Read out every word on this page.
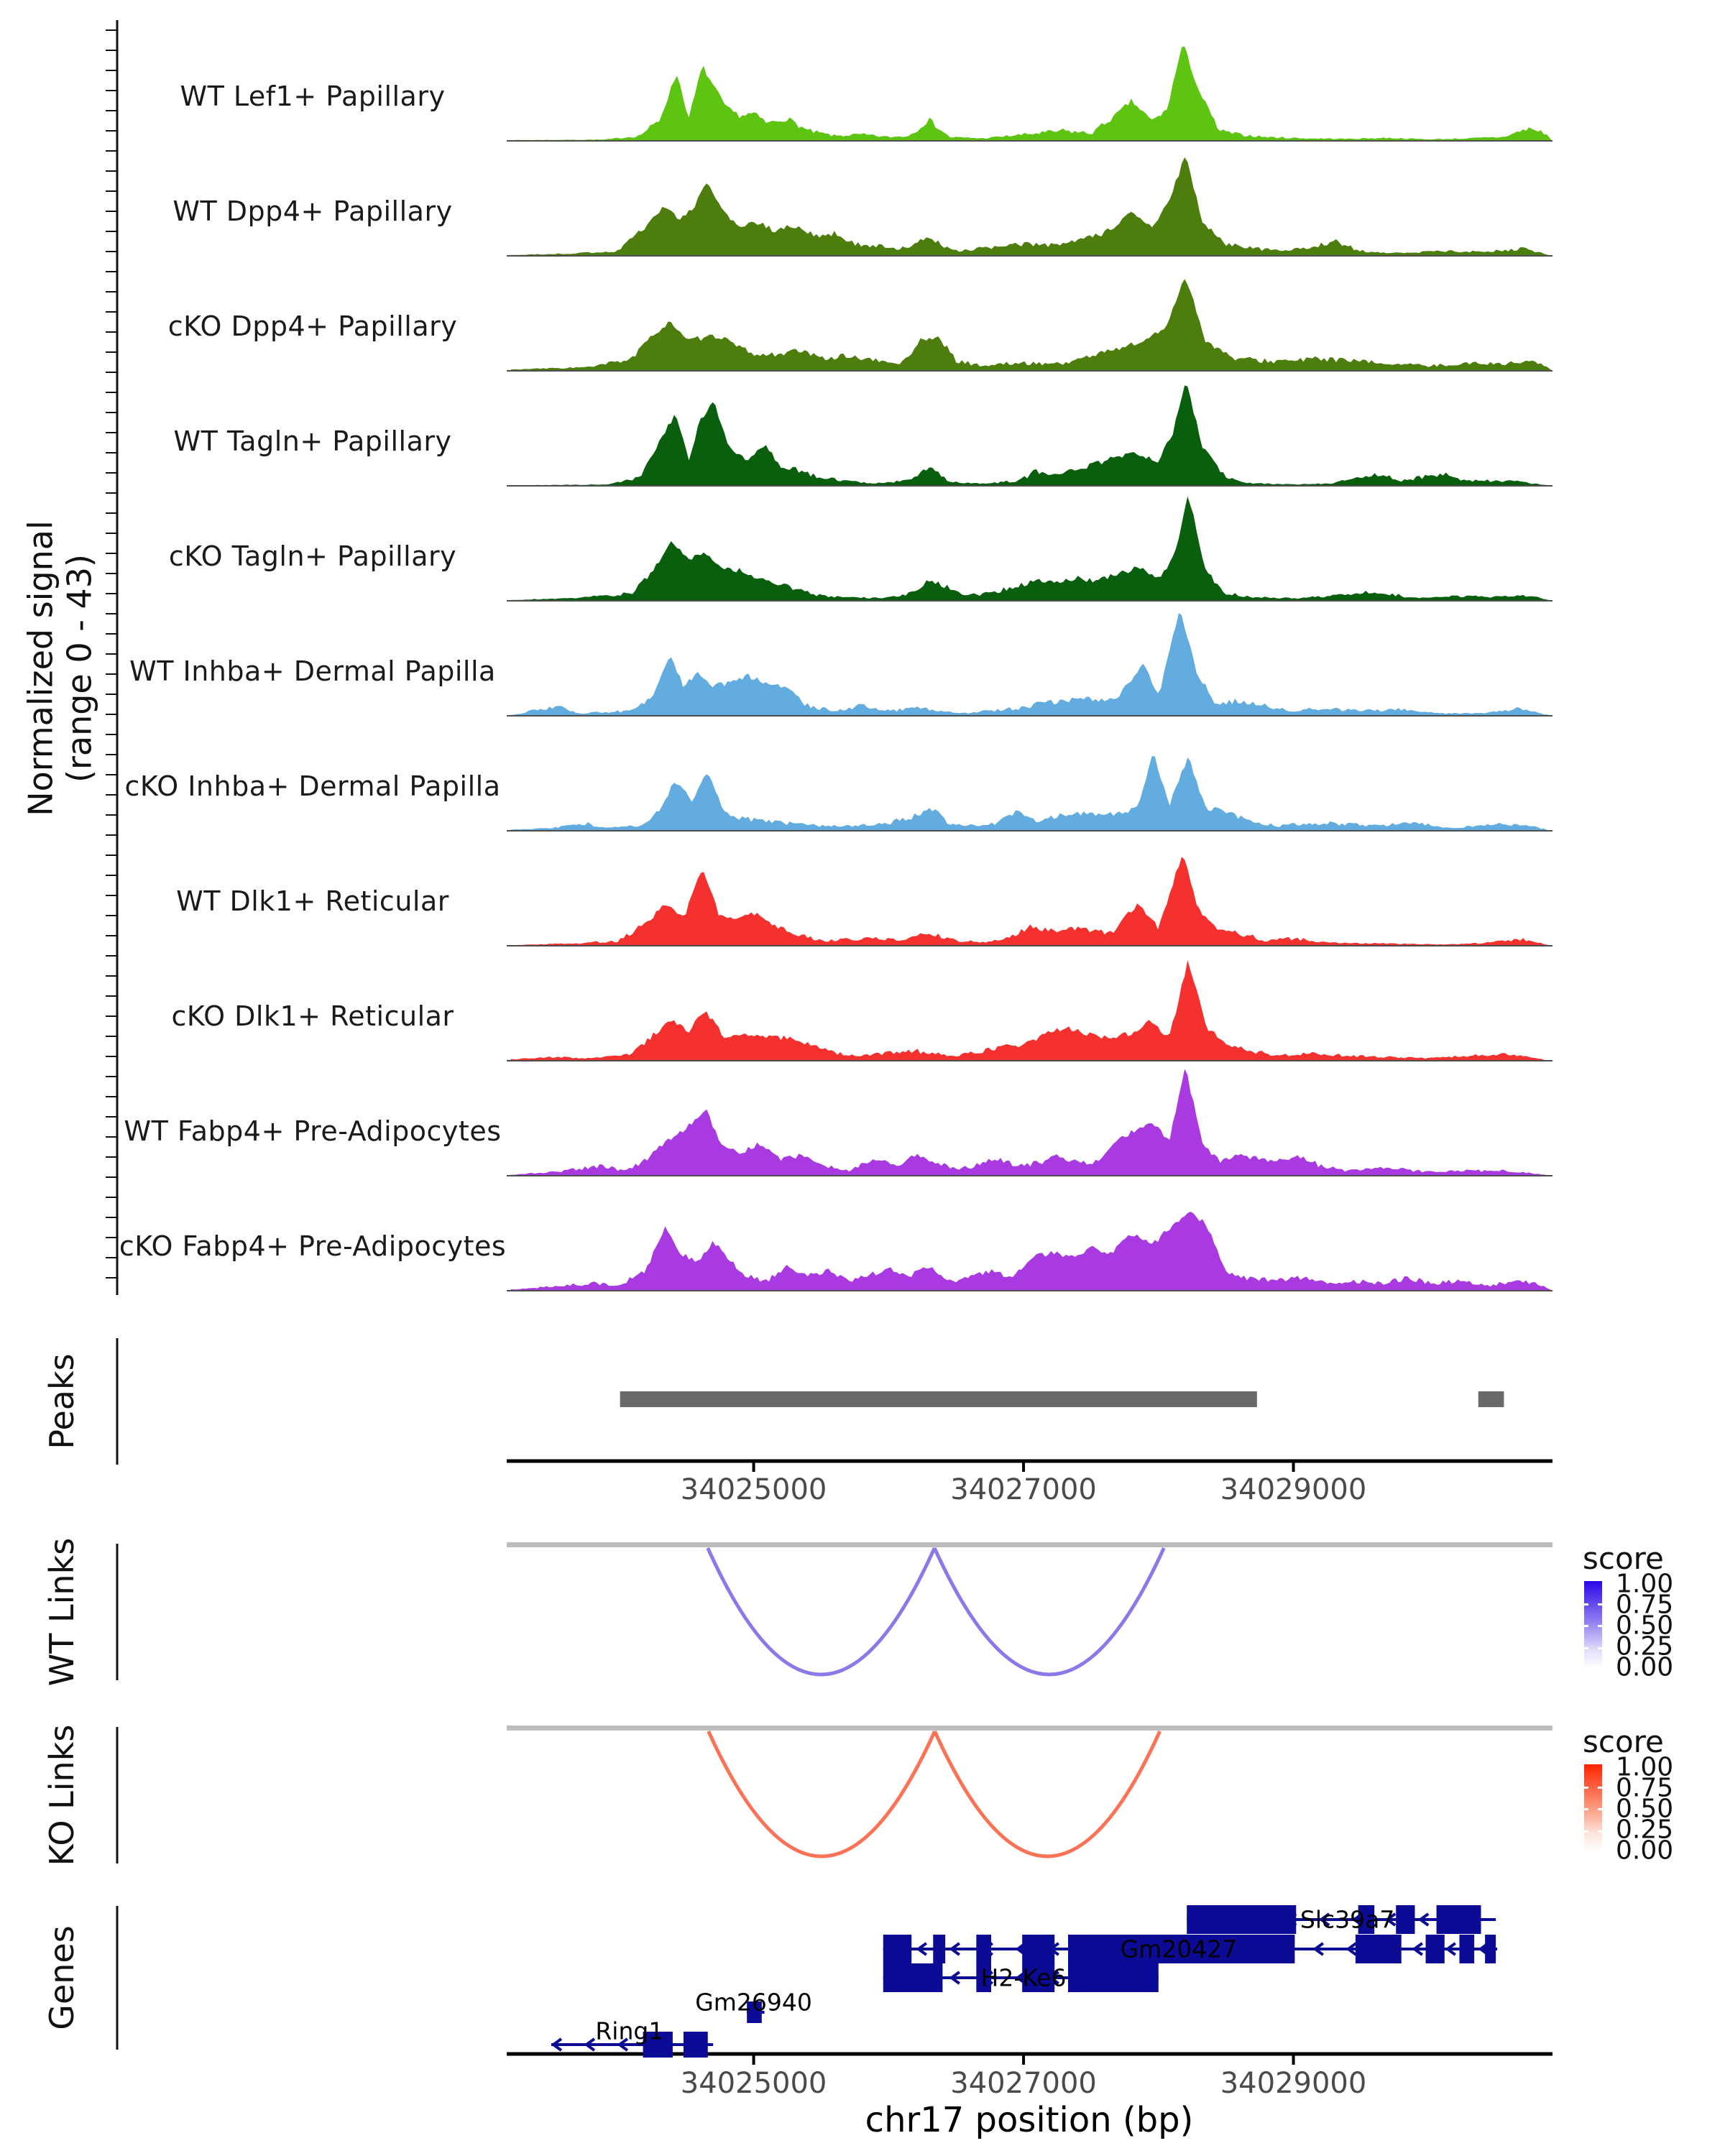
Normalized signal (range 0 - 43)
Peaks
WT Links
KO Links
Genes
WT Lef1+ Papillary
WT Dpp4+ Papillary
cKO Dpp4+ Papillary
WT Tagln+ Papillary
cKO Tagln+ Papillary
WT Inhba+ Dermal Papilla
cKO Inhba+ Dermal Papilla
WT Dlk1+ Reticular
cKO Dlk1+ Reticular
WT Fabp4+ Pre-Adipocytes
cKO Fabp4+ Pre-Adipocytes
34025000	34027000	34029000
34025000	34027000	34029000
Slc39a7
Gm20427
H2-Ke6
Gm26940
Ring1
chr17 position (bp)
score
1.00
0.75
0.50
0.25
0.00
score
1.00
0.75
0.50
0.25
0.00
